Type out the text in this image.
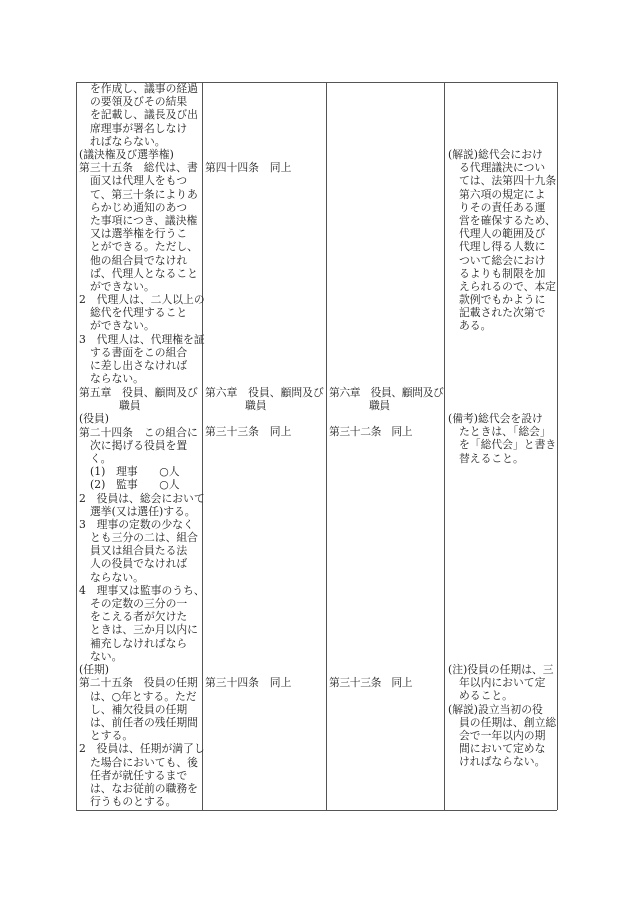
を作成し、議事の経過
の要領及びその結果
を記載し、議長及び出
席理事が署名しなけ
ればならない。
(議決権及び選挙権)
第三十五条　総代は、書
面又は代理人をもつ
て、第三十条によりあ
らかじめ通知のあつ
た事項につき、議決権
又は選挙権を行うこ
とができる。ただし、
他の組合員でなけれ
ば、代理人となること
ができない。
2　代理人は、二人以上の
総代を代理すること
ができない。
3　代理人は、代理権を証
する書面をこの組合
に差し出さなければ
ならない。
第五章　役員、顧問及び
職員
(役員)
第二十四条　この組合に
次に掲げる役員を置
く。
(1)　理事　　○人
(2)　監事　　○人
2　役員は、総会において
選挙(又は選任)する。
3　理事の定数の少なく
とも三分の二は、組合
員又は組合員たる法
人の役員でなければ
ならない。
4　理事又は監事のうち、
その定数の三分の一
をこえる者が欠けた
ときは、三か月以内に
補充しなければなら
ない。
(任期)
第二十五条　役員の任期
は、○年とする。ただ
し、補欠役員の任期
は、前任者の残任期間
とする。
2　役員は、任期が満了し
た場合においても、後
任者が就任するまで
は、なお従前の職務を
行うものとする。
第四十四条　同上
第六章　役員、顧問及び
職員
第三十三条　同上
第三十四条　同上
第六章　役員、顧問及び
職員
第三十二条　同上
第三十三条　同上
(解説)総代会におけ
る代理議決につい
ては、法第四十九条
第六項の規定によ
りその責任ある運
営を確保するため、
代理人の範囲及び
代理し得る人数に
ついて総会におけ
るよりも制限を加
えられるので、本定
款例でもかように
記載された次第で
ある。
(備考)総代会を設け
たときは、「総会」
を「総代会」と書き
替えること。
(注)役員の任期は、三
年以内において定
めること。
(解説)設立当初の役
員の任期は、創立総
会で一年以内の期
間において定めな
ければならない。
